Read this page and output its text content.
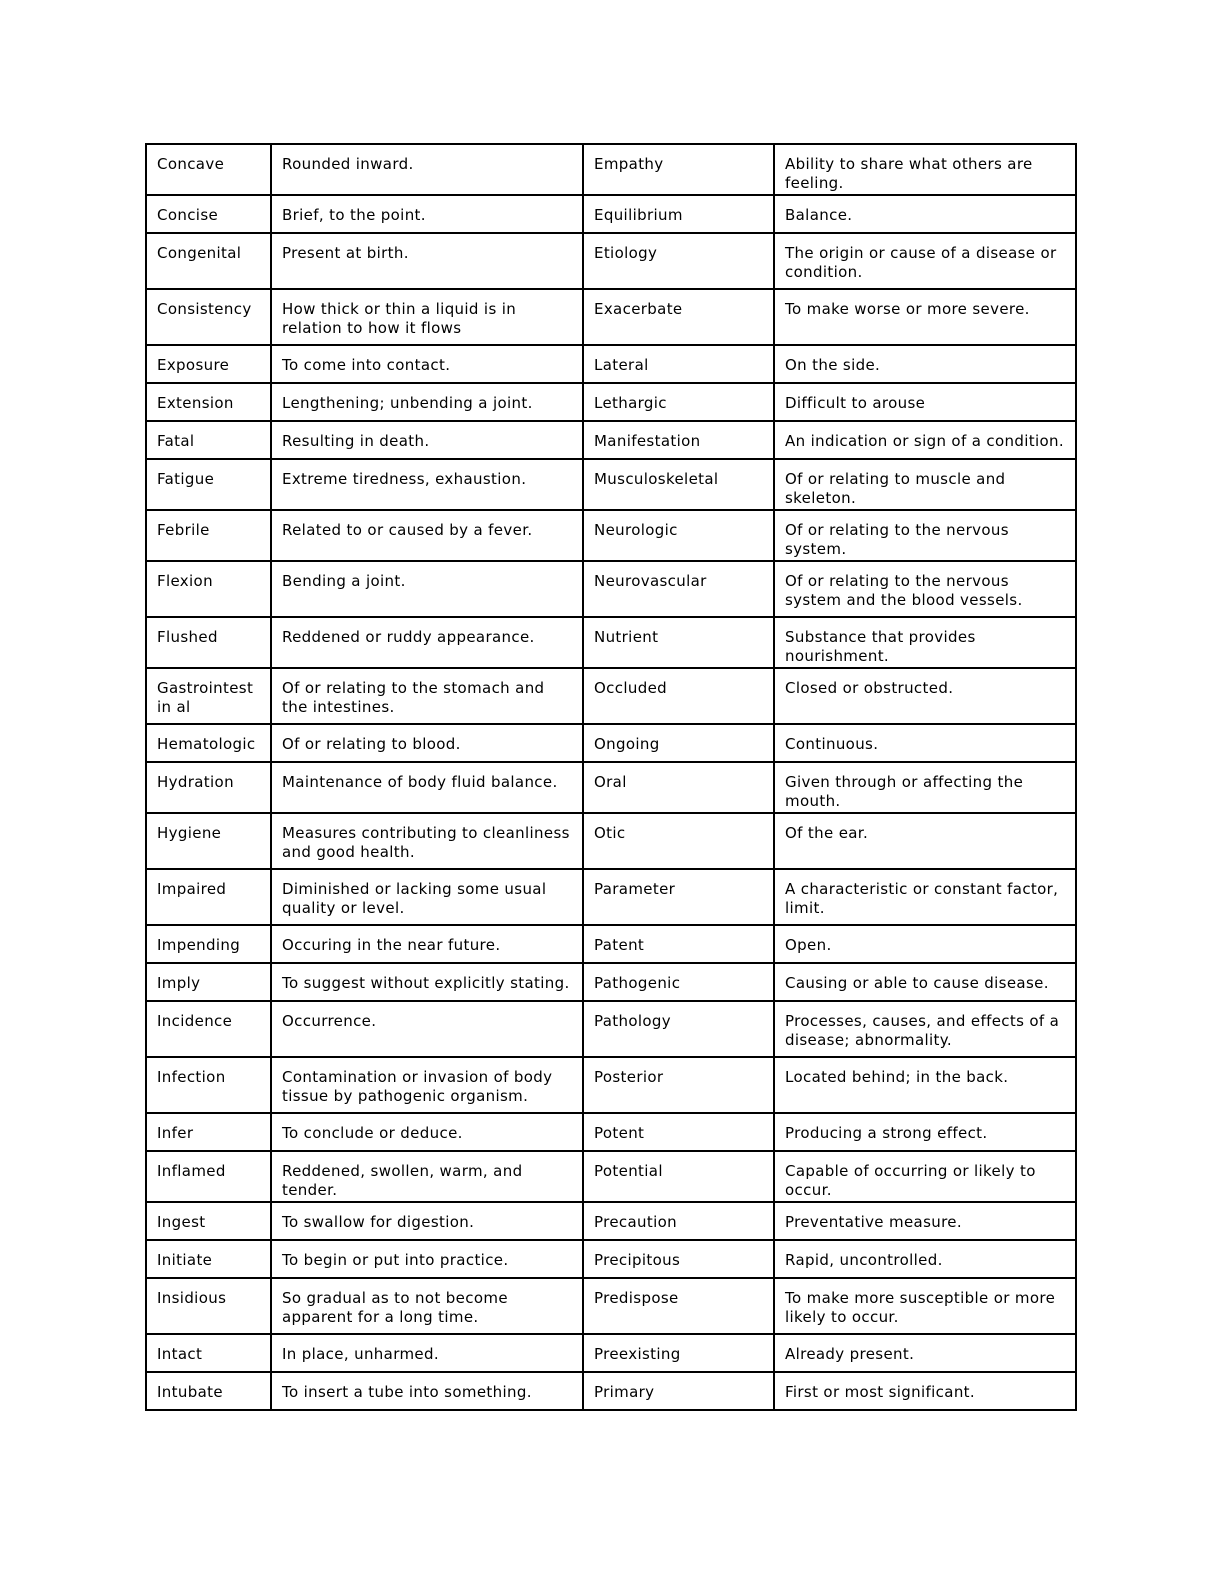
Concave	Rounded inward.	Empathy	Ability to share what others are feeling.
Concise	Brief, to the point.	Equilibrium	Balance.
Congenital	Present at birth.	Etiology	The origin or cause of a disease or condition.
Consistency	How thick or thin a liquid is in relation to how it flows	Exacerbate	To make worse or more severe.
Exposure	To come into contact.	Lateral	On the side.
Extension	Lengthening; unbending a joint.	Lethargic	Difficult to arouse
Fatal	Resulting in death.	Manifestation	An indication or sign of a condition.
Fatigue	Extreme tiredness, exhaustion.	Musculoskeletal	Of or relating to muscle and skeleton.
Febrile	Related to or caused by a fever.	Neurologic	Of or relating to the nervous system.
Flexion	Bending a joint.	Neurovascular	Of or relating to the nervous system and the blood vessels.
Flushed	Reddened or ruddy appearance.	Nutrient	Substance that provides nourishment.
Gastrointest in al	Of or relating to the stomach and the intestines.	Occluded	Closed or obstructed.
Hematologic	Of or relating to blood.	Ongoing	Continuous.
Hydration	Maintenance of body fluid balance.	Oral	Given through or affecting the mouth.
Hygiene	Measures contributing to cleanliness and good health.	Otic	Of the ear.
Impaired	Diminished or lacking some usual quality or level.	Parameter	A characteristic or constant factor, limit.
Impending	Occuring in the near future.	Patent	Open.
Imply	To suggest without explicitly stating.	Pathogenic	Causing or able to cause disease.
Incidence	Occurrence.	Pathology	Processes, causes, and effects of a disease; abnormality.
Infection	Contamination or invasion of body tissue by pathogenic organism.	Posterior	Located behind; in the back.
Infer	To conclude or deduce.	Potent	Producing a strong effect.
Inflamed	Reddened, swollen, warm, and tender.	Potential	Capable of occurring or likely to occur.
Ingest	To swallow for digestion.	Precaution	Preventative measure.
Initiate	To begin or put into practice.	Precipitous	Rapid, uncontrolled.
Insidious	So gradual as to not become apparent for a long time.	Predispose	To make more susceptible or more likely to occur.
Intact	In place, unharmed.	Preexisting	Already present.
Intubate	To insert a tube into something.	Primary	First or most significant.
